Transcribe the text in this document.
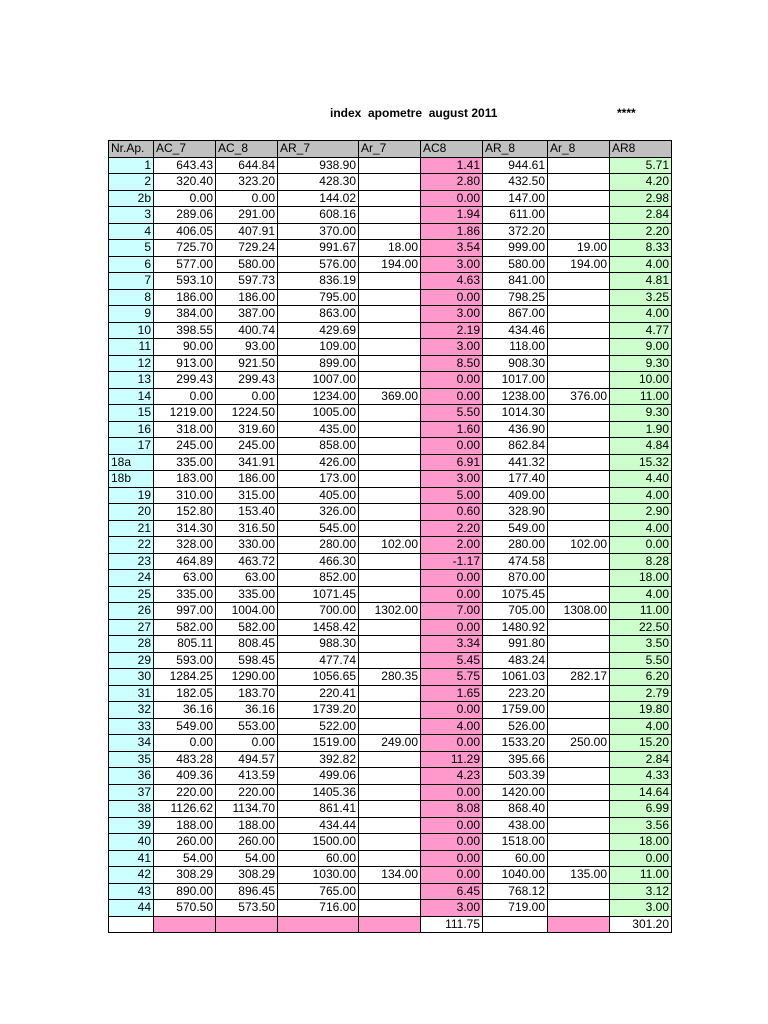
index  apometre  august 2011	****
Nr.Ap.	AC_7	AC_8	AR_7	Ar_7	AC8	AR_8	Ar_8	AR8
1	643.43	644.84	938.90		1.41	944.61		5.71
2	320.40	323.20	428.30		2.80	432.50		4.20
2b	0.00	0.00	144.02		0.00	147.00		2.98
3	289.06	291.00	608.16		1.94	611.00		2.84
4	406.05	407.91	370.00		1.86	372.20		2.20
5	725.70	729.24	991.67	18.00	3.54	999.00	19.00	8.33
6	577.00	580.00	576.00	194.00	3.00	580.00	194.00	4.00
7	593.10	597.73	836.19		4.63	841.00		4.81
8	186.00	186.00	795.00		0.00	798.25		3.25
9	384.00	387.00	863.00		3.00	867.00		4.00
10	398.55	400.74	429.69		2.19	434.46		4.77
11	90.00	93.00	109.00		3.00	118.00		9.00
12	913.00	921.50	899.00		8.50	908.30		9.30
13	299.43	299.43	1007.00		0.00	1017.00		10.00
14	0.00	0.00	1234.00	369.00	0.00	1238.00	376.00	11.00
15	1219.00	1224.50	1005.00		5.50	1014.30		9.30
16	318.00	319.60	435.00		1.60	436.90		1.90
17	245.00	245.00	858.00		0.00	862.84		4.84
18a	335.00	341.91	426.00		6.91	441.32		15.32
18b	183.00	186.00	173.00		3.00	177.40		4.40
19	310.00	315.00	405.00		5.00	409.00		4.00
20	152.80	153.40	326.00		0.60	328.90		2.90
21	314.30	316.50	545.00		2.20	549.00		4.00
22	328.00	330.00	280.00	102.00	2.00	280.00	102.00	0.00
23	464.89	463.72	466.30		-1.17	474.58		8.28
24	63.00	63.00	852.00		0.00	870.00		18.00
25	335.00	335.00	1071.45		0.00	1075.45		4.00
26	997.00	1004.00	700.00	1302.00	7.00	705.00	1308.00	11.00
27	582.00	582.00	1458.42		0.00	1480.92		22.50
28	805.11	808.45	988.30		3.34	991.80		3.50
29	593.00	598.45	477.74		5.45	483.24		5.50
30	1284.25	1290.00	1056.65	280.35	5.75	1061.03	282.17	6.20
31	182.05	183.70	220.41		1.65	223.20		2.79
32	36.16	36.16	1739.20		0.00	1759.00		19.80
33	549.00	553.00	522.00		4.00	526.00		4.00
34	0.00	0.00	1519.00	249.00	0.00	1533.20	250.00	15.20
35	483.28	494.57	392.82		11.29	395.66		2.84
36	409.36	413.59	499.06		4.23	503.39		4.33
37	220.00	220.00	1405.36		0.00	1420.00		14.64
38	1126.62	1134.70	861.41		8.08	868.40		6.99
39	188.00	188.00	434.44		0.00	438.00		3.56
40	260.00	260.00	1500.00		0.00	1518.00		18.00
41	54.00	54.00	60.00		0.00	60.00		0.00
42	308.29	308.29	1030.00	134.00	0.00	1040.00	135.00	11.00
43	890.00	896.45	765.00		6.45	768.12		3.12
44	570.50	573.50	716.00		3.00	719.00		3.00
					111.75			301.20
